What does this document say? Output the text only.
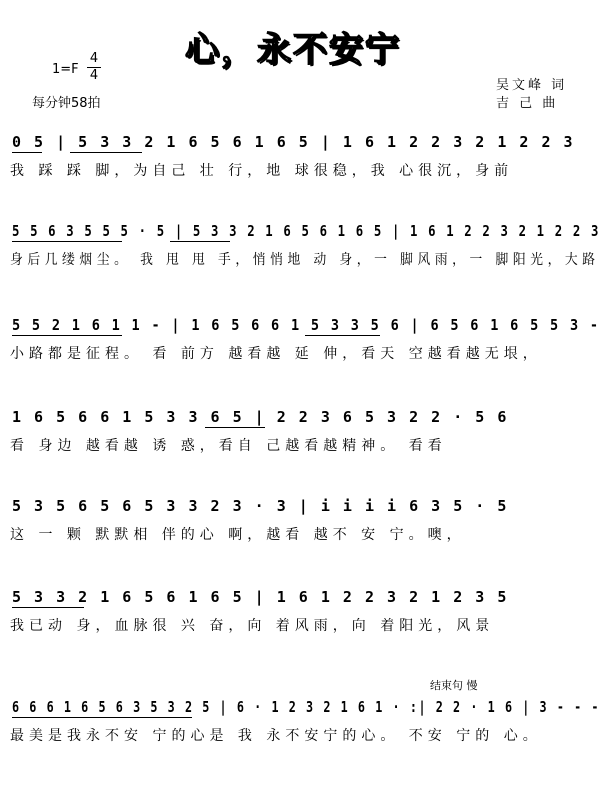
心，永不安宁
1=F
4
4
每分钟58拍
吴文峰 词
吉 己 曲
0 5 | 5 3 3 2 1 6 5 6 1 6 5 | 1 6 1 2 2 3 2 1 2 2 3
我 踩 踩 脚，为自己 壮 行，地 球很稳，我 心很沉，身前
5 5 6 3 5 5 5 · 5 | 5 3 3 2 1 6 5 6 1 6 5 | 1 6 1 2 2 3 2 1 2 2 3
身后几缕烟尘。 我 甩 甩 手，悄悄地 动 身，一 脚风雨，一 脚阳光，大路
5 5 2 1 6 1 1 - | 1 6 5 6 6 1 5 3 3 5 6 | 6 5 6 1 6 5 5 3 -
小路都是征程。 看 前方 越看越 延 伸，看天 空越看越无垠，
1 6 5 6 6 1 5 3 3 6 5 | 2 2 3 6 5 3 2 2 · 5 6
看 身边 越看越 诱 惑，看自 己越看越精神。 看看
5 3 5 6 5 6 5 3 3 2 3 · 3 | i i i i 6 3 5 · 5
这 一 颗 默默相 伴的心 啊，越看 越不 安 宁。噢，
5 3 3 2 1 6 5 6 1 6 5 | 1 6 1 2 2 3 2 1 2 3 5
我已动 身，血脉很 兴 奋，向 着风雨，向 着阳光，风景
结束句 慢
6 6 6 1 6 5 6 3 5 3 2 5 | 6 · 1 2 3 2 1 6 1 · :| 2 2 · 1 6 | 3 - - -
最美是我永不安 宁的心是 我 永不安宁的心。 不安 宁的 心。
